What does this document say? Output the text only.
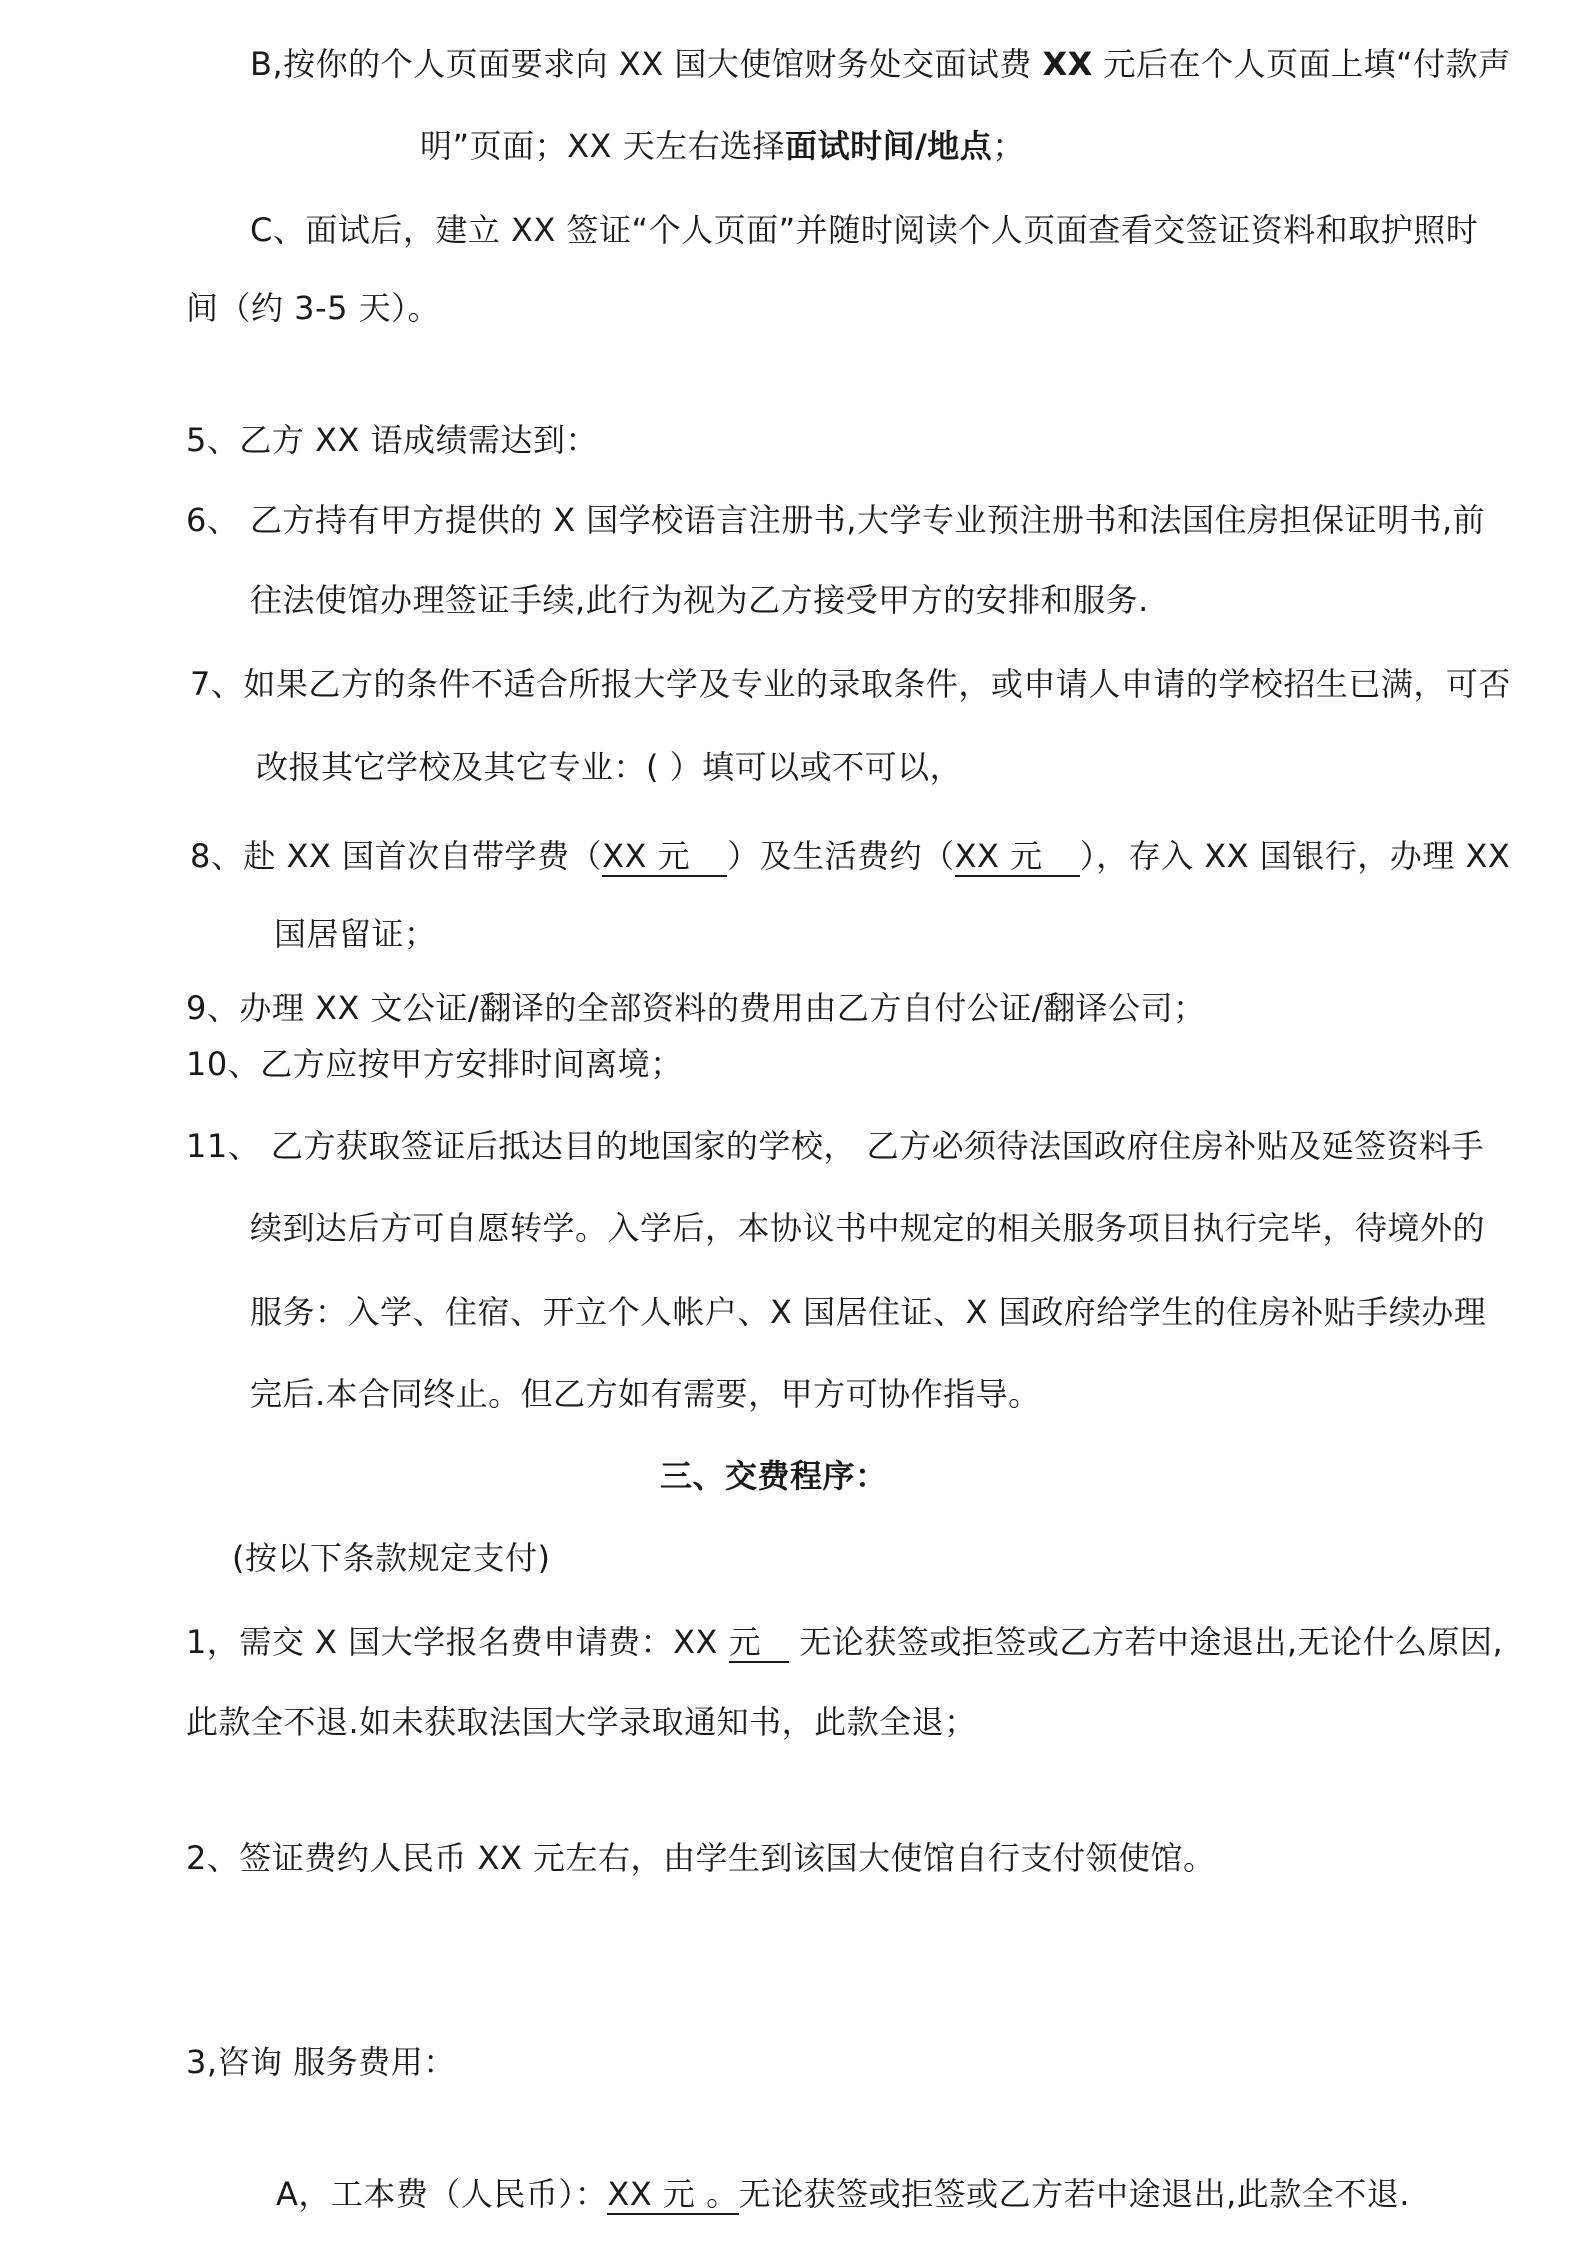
B,按你的个人页面要求向 XX 国大使馆财务处交面试费 XX 元后在个人页面上填“付款声
明”页面；XX 天左右选择面试时间/地点；
C、面试后，建立 XX 签证“个人页面”并随时阅读个人页面查看交签证资料和取护照时
间（约 3-5 天）。
5、乙方 XX 语成绩需达到：
6、 乙方持有甲方提供的 X 国学校语言注册书,大学专业预注册书和法国住房担保证明书,前
往法使馆办理签证手续,此行为视为乙方接受甲方的安排和服务.
7、如果乙方的条件不适合所报大学及专业的录取条件，或申请人申请的学校招生已满，可否
改报其它学校及其它专业：( ）填可以或不可以，
8、赴 XX 国首次自带学费（XX 元）及生活费约（XX 元），存入 XX 国银行，办理 XX
国居留证；
9、办理 XX 文公证/翻译的全部资料的费用由乙方自付公证/翻译公司；
10、乙方应按甲方安排时间离境；
11、 乙方获取签证后抵达目的地国家的学校， 乙方必须待法国政府住房补贴及延签资料手
续到达后方可自愿转学。入学后，本协议书中规定的相关服务项目执行完毕，待境外的
服务：入学、住宿、开立个人帐户、X 国居住证、X 国政府给学生的住房补贴手续办理
完后.本合同终止。但乙方如有需要，甲方可协作指导。
三、交费程序：
(按以下条款规定支付)
1，需交 X 国大学报名费申请费：XX 元 无论获签或拒签或乙方若中途退出,无论什么原因,
此款全不退.如未获取法国大学录取通知书，此款全退；
2、签证费约人民币 XX 元左右，由学生到该国大使馆自行支付领使馆。
3,咨询 服务费用：
A，工本费（人民币）：XX 元 。无论获签或拒签或乙方若中途退出,此款全不退.
